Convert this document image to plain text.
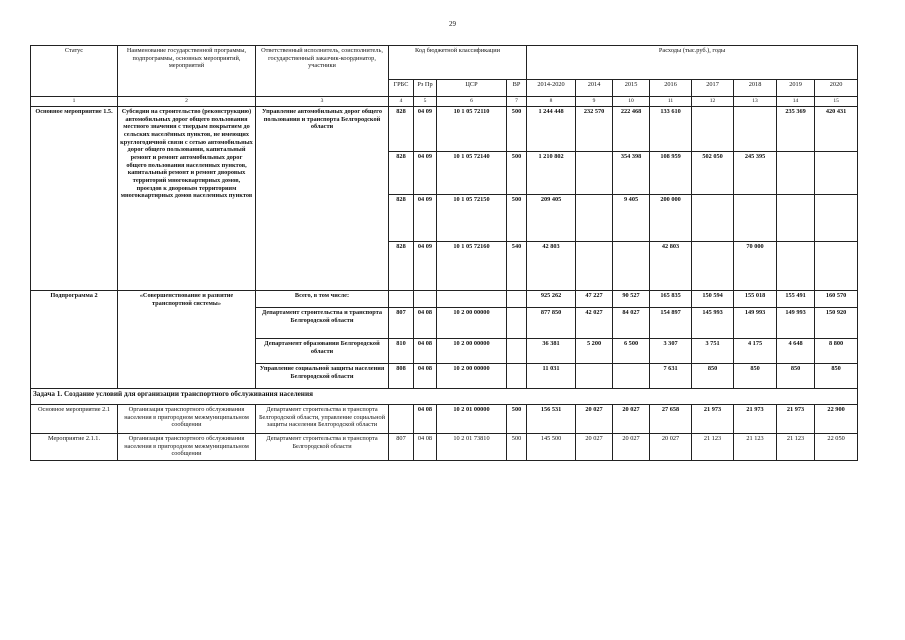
29
Статус	Наименование государственной программы, подпрограммы, основных мероприятий, мероприятий	Ответственный исполнитель, соисполнитель, государственный заказчик-координатор, участники	Код бюджетной классификации				Расходы (тыс.руб.), годы							
			ГРБС	Рз Пр	ЦСР	ВР	2014-2020	2014	2015	2016	2017	2018	2019	2020
1	2	3	4	5	6	7	8	9	10	11	12	13	14	15
Основное мероприятие 1.5.	Субсидии на строительство (реконструкцию) автомобильных дорог общего пользования местного значения с твердым покрытием до сельских населённых пунктов, не имеющих круглогодичной связи с сетью автомобильных дорог общего пользования, капитальный ремонт и ремонт автомобильных дорог общего пользования населенных пунктов, капитальный ремонт и ремонт дворовых территорий многоквартирных домов, проездов к дворовым территориям многоквартирных домов населенных пунктов	Управление автомобильных дорог общего пользования и транспорта Белгородской области	828	04 09	10 1 05 72110	500	1 244 448	232 570	222 468	133 610			235 369	420 431
			828	04 09	10 1 05 72140	500	1 210 802		354 398	108 959	502 050	245 395		
			828	04 09	10 1 05 72150	500	209 405		9 405	200 000				
			828	04 09	10 1 05 72160	540	42 803			42 803		70 000		
Подпрограмма 2	«Совершенствование и развитие транспортной системы»	Всего, в том числе:					925 262	47 227	90 527	165 835	150 594	155 018	155 491	160 570
		Департамент строительства и транспорта Белгородской области	807	04 08	10 2 00 00000		877 850	42 027	84 027	154 897	145 993	149 993	149 993	150 920
		Департамент образования Белгородской области	810	04 08	10 2 00 00000		36 381	5 200	6 500	3 307	3 751	4 175	4 648	8 800
		Управление социальной защиты населения Белгородской области	808	04 08	10 2 00 00000		11 031			7 631	850	850	850	850
Задача 1. Создание условий для организации транспортного обслуживания населения														
Основное мероприятие 2.1	Организация транспортного обслуживания населения в пригородном межмуниципальном сообщении	Департамент строительства и транспорта Белгородской области, управление социальной защиты населения Белгородской области		04 08	10 2 01 00000	500	156 531	20 027	20 027	27 658	21 973	21 973	21 973	22 900
Мероприятие 2.1.1.	Организация транспортного обслуживания населения в пригородном межмуниципальном сообщении	Департамент строительства и транспорта Белгородской области	807	04 08	10 2 01 73810	500	145 500	20 027	20 027	20 027	21 123	21 123	21 123	22 050
